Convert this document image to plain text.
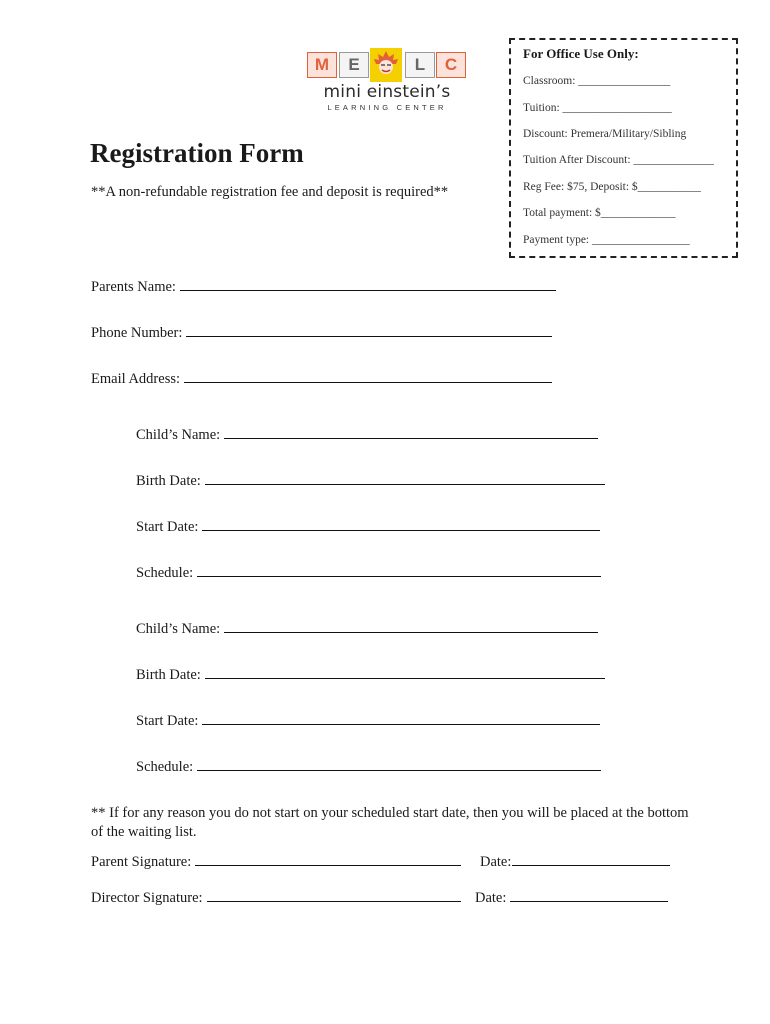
M	E	L	C
mini einstein’s
LEARNING CENTER
For Office Use Only:
Classroom: ________________
Tuition: ___________________
Discount: Premera/Military/Sibling
Tuition After Discount: ______________
Reg Fee: $75, Deposit: $___________
Total payment: $_____________
Payment type: _________________
Registration Form
**A non-refundable registration fee and deposit is required**
Parents Name:
Phone Number:
Email Address:
Child’s Name:
Birth Date:
Start Date:
Schedule:
Child’s Name:
Birth Date:
Start Date:
Schedule:
** If for any reason you do not start on your scheduled start date, then you will be placed at the bottom of the waiting list.
Parent Signature:	Date:
Director Signature:	Date:
